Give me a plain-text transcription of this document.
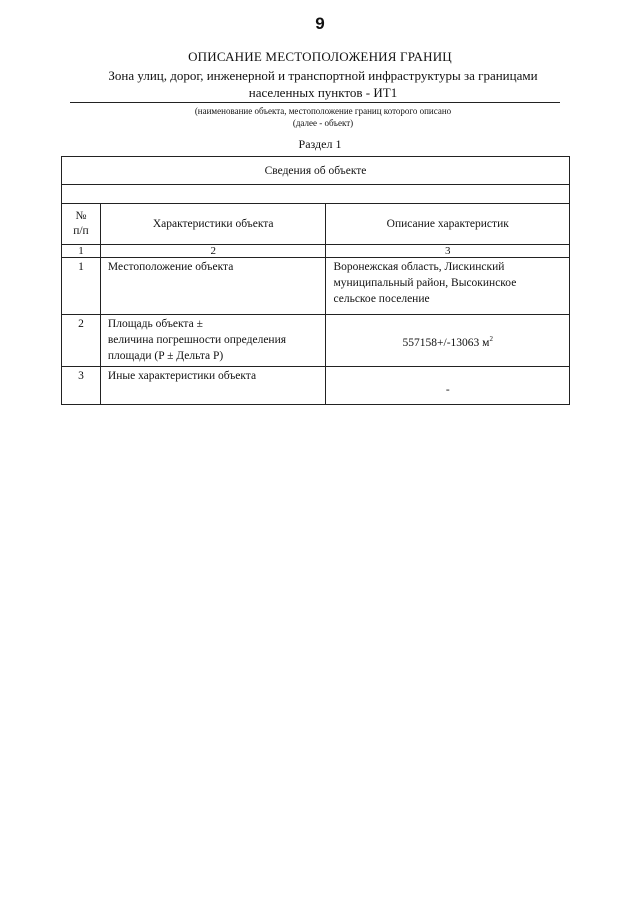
9
ОПИСАНИЕ МЕСТОПОЛОЖЕНИЯ ГРАНИЦ
Зона улиц, дорог, инженерной и транспортной инфраструктуры за границами
населенных пунктов - ИТ1
(наименование объекта, местоположение границ которого описано
(далее - объект)
Раздел 1
Сведения об объекте		

№
п/п	Характеристики объекта	Описание характеристик
1	2	3
1	Местоположение объекта	Воронежская область, Лискинский
муниципальный район, Высокинское
сельское поселение

2	Площадь объекта ±
величина погрешности определения
площади (P ± Дельта P)	557158+/-13063 $м^2$
3	Иные характеристики объекта	-
